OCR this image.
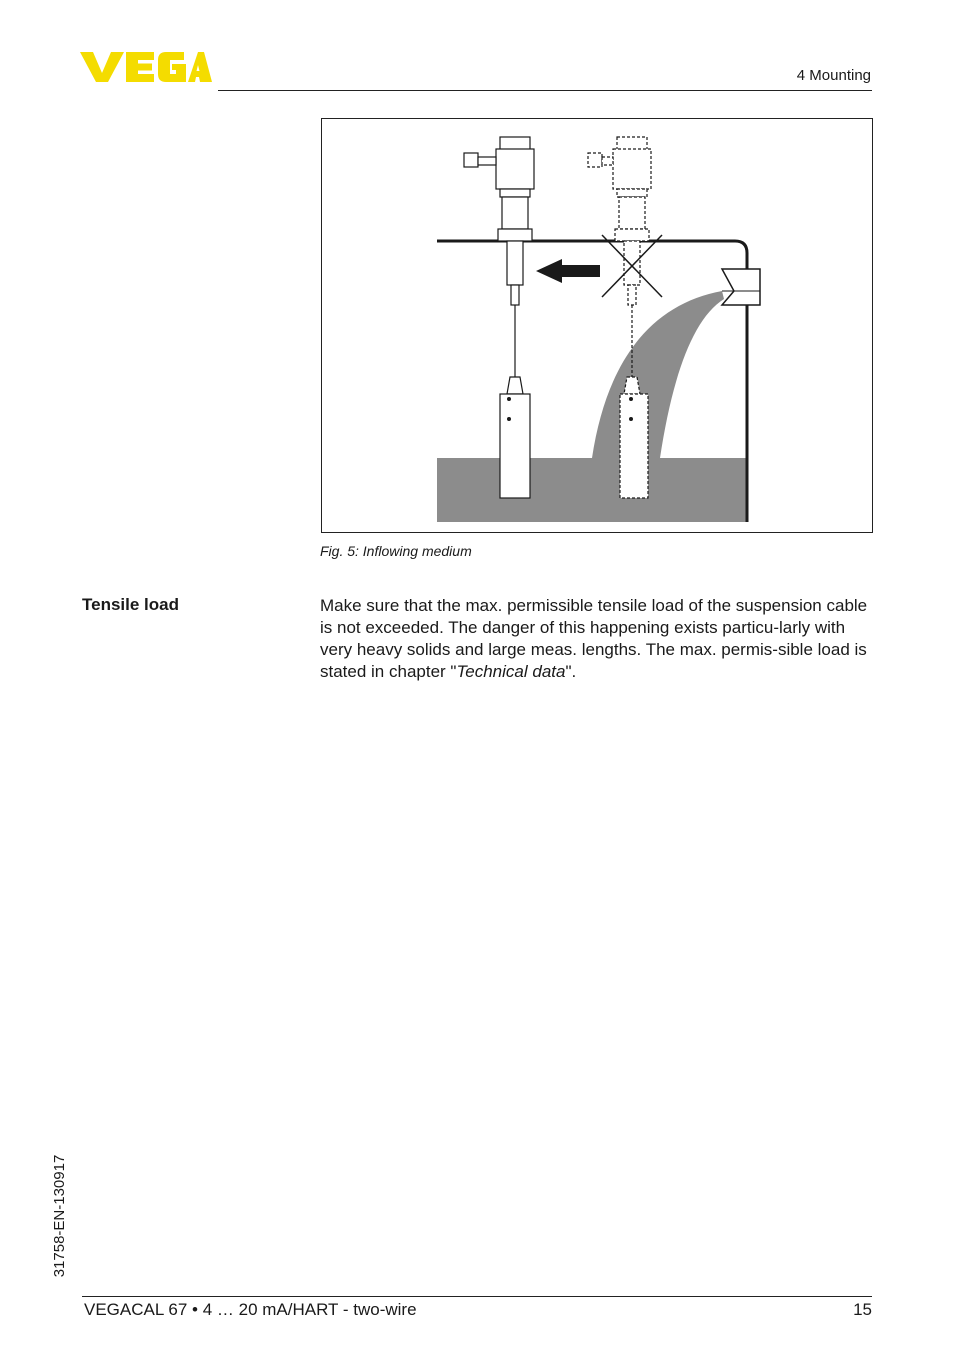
4 Mounting
Fig. 5: Inflowing medium
Tensile load	Make sure that the max. permissible tensile load of the suspension cable is not exceeded. The danger of this happening exists particu-larly with very heavy solids and large meas. lengths. The max. permis-sible load is stated in chapter "Technical data".
31758-EN-130917
VEGACAL 67 • 4 … 20 mA/HART - two-wire	15
